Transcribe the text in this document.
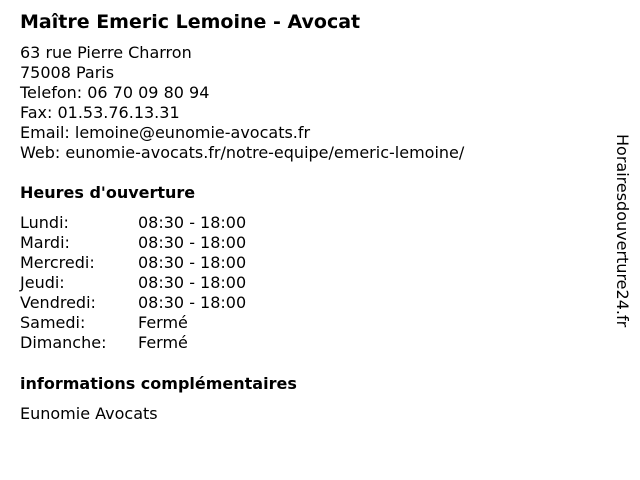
Maître Emeric Lemoine - Avocat
63 rue Pierre Charron
75008 Paris
Telefon: 06 70 09 80 94
Fax: 01.53.76.13.31
Email: lemoine@eunomie-avocats.fr
Web: eunomie-avocats.fr/notre-equipe/emeric-lemoine/
Heures d'ouverture
Lundi:	08:30 - 18:00
Mardi:	08:30 - 18:00
Mercredi:	08:30 - 18:00
Jeudi:	08:30 - 18:00
Vendredi:	08:30 - 18:00
Samedi:	Fermé
Dimanche: Fermé
informations complémentaires
Eunomie Avocats
Horairesdouverture24.fr
